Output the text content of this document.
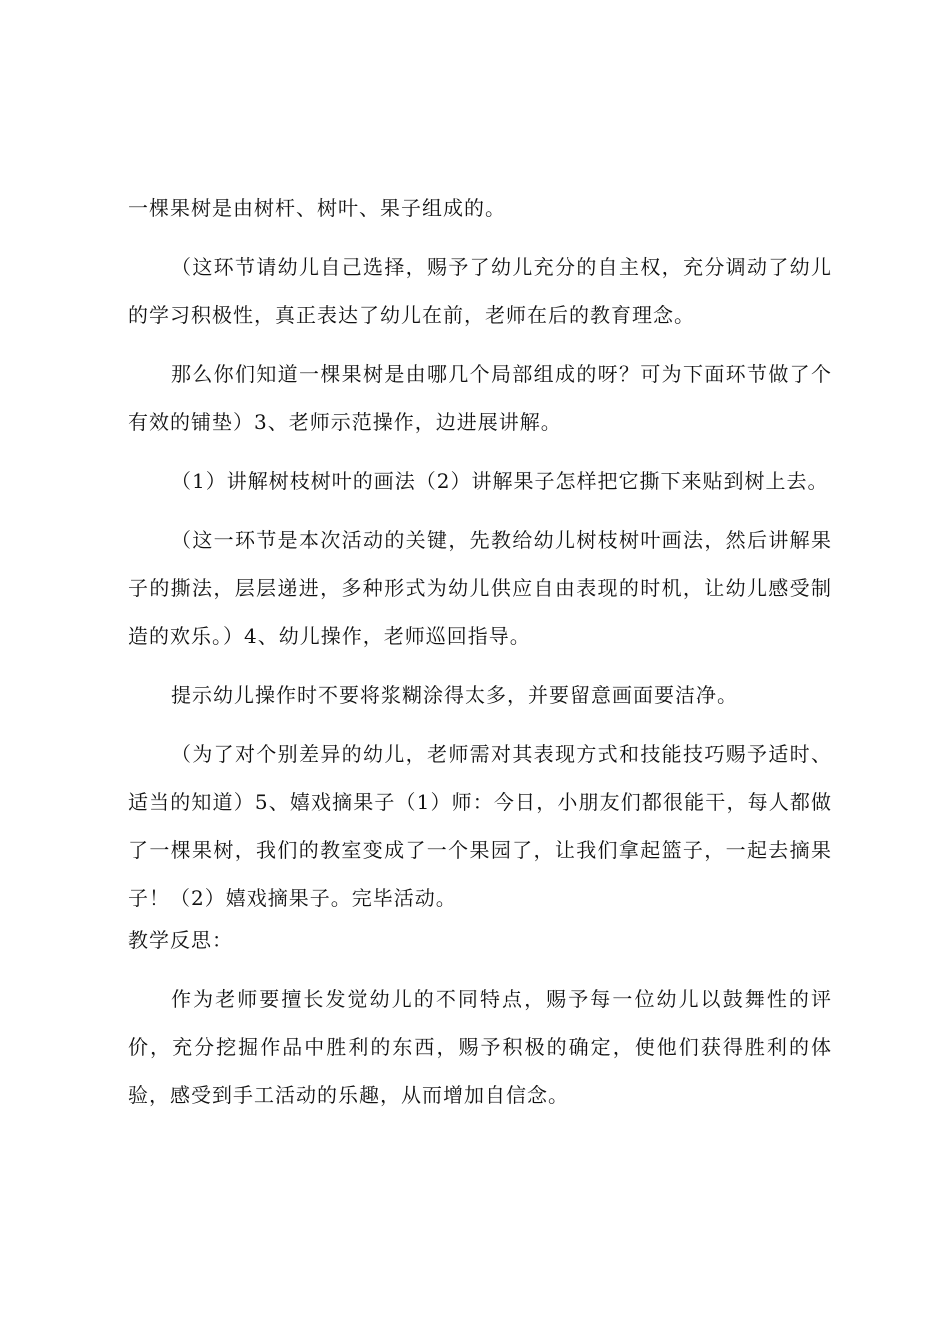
一棵果树是由树杆、树叶、果子组成的。

（这环节请幼儿自己选择，赐予了幼儿充分的自主权，充分调动了幼儿的学习积极性，真正表达了幼儿在前，老师在后的教育理念。

那么你们知道一棵果树是由哪几个局部组成的呀？可为下面环节做了个有效的铺垫）3、老师示范操作，边进展讲解。

（1）讲解树枝树叶的画法（2）讲解果子怎样把它撕下来贴到树上去。

（这一环节是本次活动的关键，先教给幼儿树枝树叶画法，然后讲解果子的撕法，层层递进，多种形式为幼儿供应自由表现的时机，让幼儿感受制造的欢乐。）4、幼儿操作，老师巡回指导。

提示幼儿操作时不要将浆糊涂得太多，并要留意画面要洁净。

（为了对个别差异的幼儿，老师需对其表现方式和技能技巧赐予适时、适当的知道）5、嬉戏摘果子（1）师：今日，小朋友们都很能干，每人都做了一棵果树，我们的教室变成了一个果园了，让我们拿起篮子，一起去摘果子！（2）嬉戏摘果子。完毕活动。

教学反思：

作为老师要擅长发觉幼儿的不同特点，赐予每一位幼儿以鼓舞性的评价，充分挖掘作品中胜利的东西，赐予积极的确定，使他们获得胜利的体验，感受到手工活动的乐趣，从而增加自信念。
